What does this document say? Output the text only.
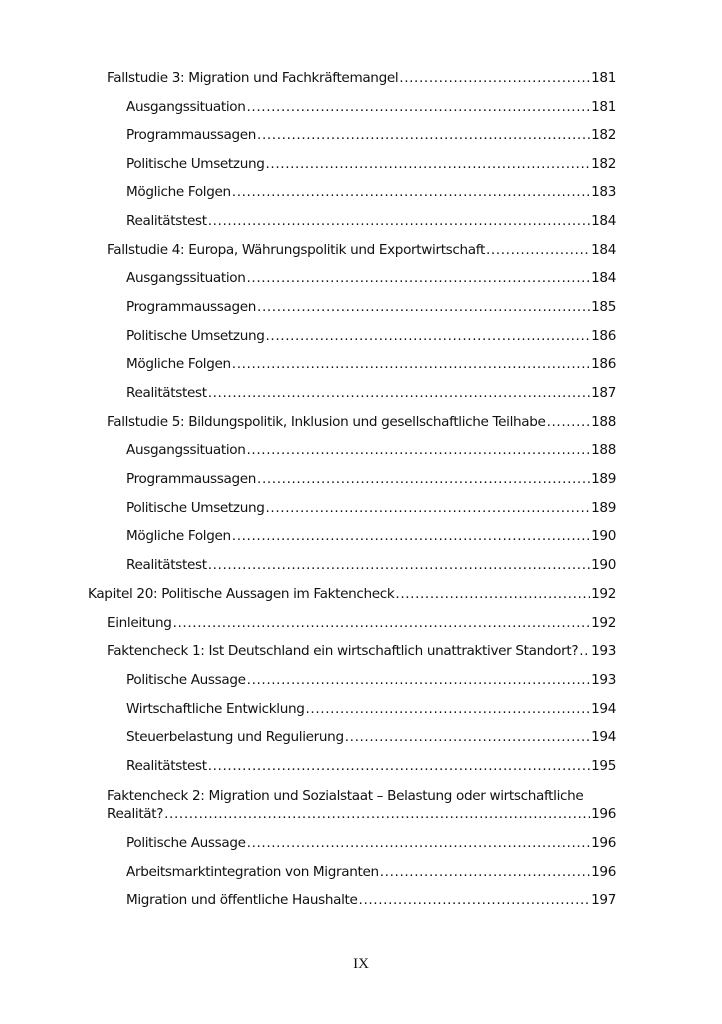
Fallstudie 3: Migration und Fachkräftemangel .....	181
Ausgangssituation .....	181
Programmaussagen .....	182
Politische Umsetzung .....	182
Mögliche Folgen .....	183
Realitätstest .....	184
Fallstudie 4: Europa, Währungspolitik und Exportwirtschaft .....	184
Ausgangssituation .....	184
Programmaussagen .....	185
Politische Umsetzung .....	186
Mögliche Folgen .....	186
Realitätstest .....	187
Fallstudie 5: Bildungspolitik, Inklusion und gesellschaftliche Teilhabe .....	188
Ausgangssituation .....	188
Programmaussagen .....	189
Politische Umsetzung .....	189
Mögliche Folgen .....	190
Realitätstest .....	190
Kapitel 20: Politische Aussagen im Faktencheck .....	192
Einleitung .....	192
Faktencheck 1: Ist Deutschland ein wirtschaftlich unattraktiver Standort? ..... 193
Politische Aussage .....	193
Wirtschaftliche Entwicklung .....	194
Steuerbelastung und Regulierung .....	194
Realitätstest .....	195
Faktencheck 2: Migration und Sozialstaat – Belastung oder wirtschaftliche
Realität? .....	196
Politische Aussage .....	196
Arbeitsmarktintegration von Migranten .....	196
Migration und öffentliche Haushalte .....	197
IX
